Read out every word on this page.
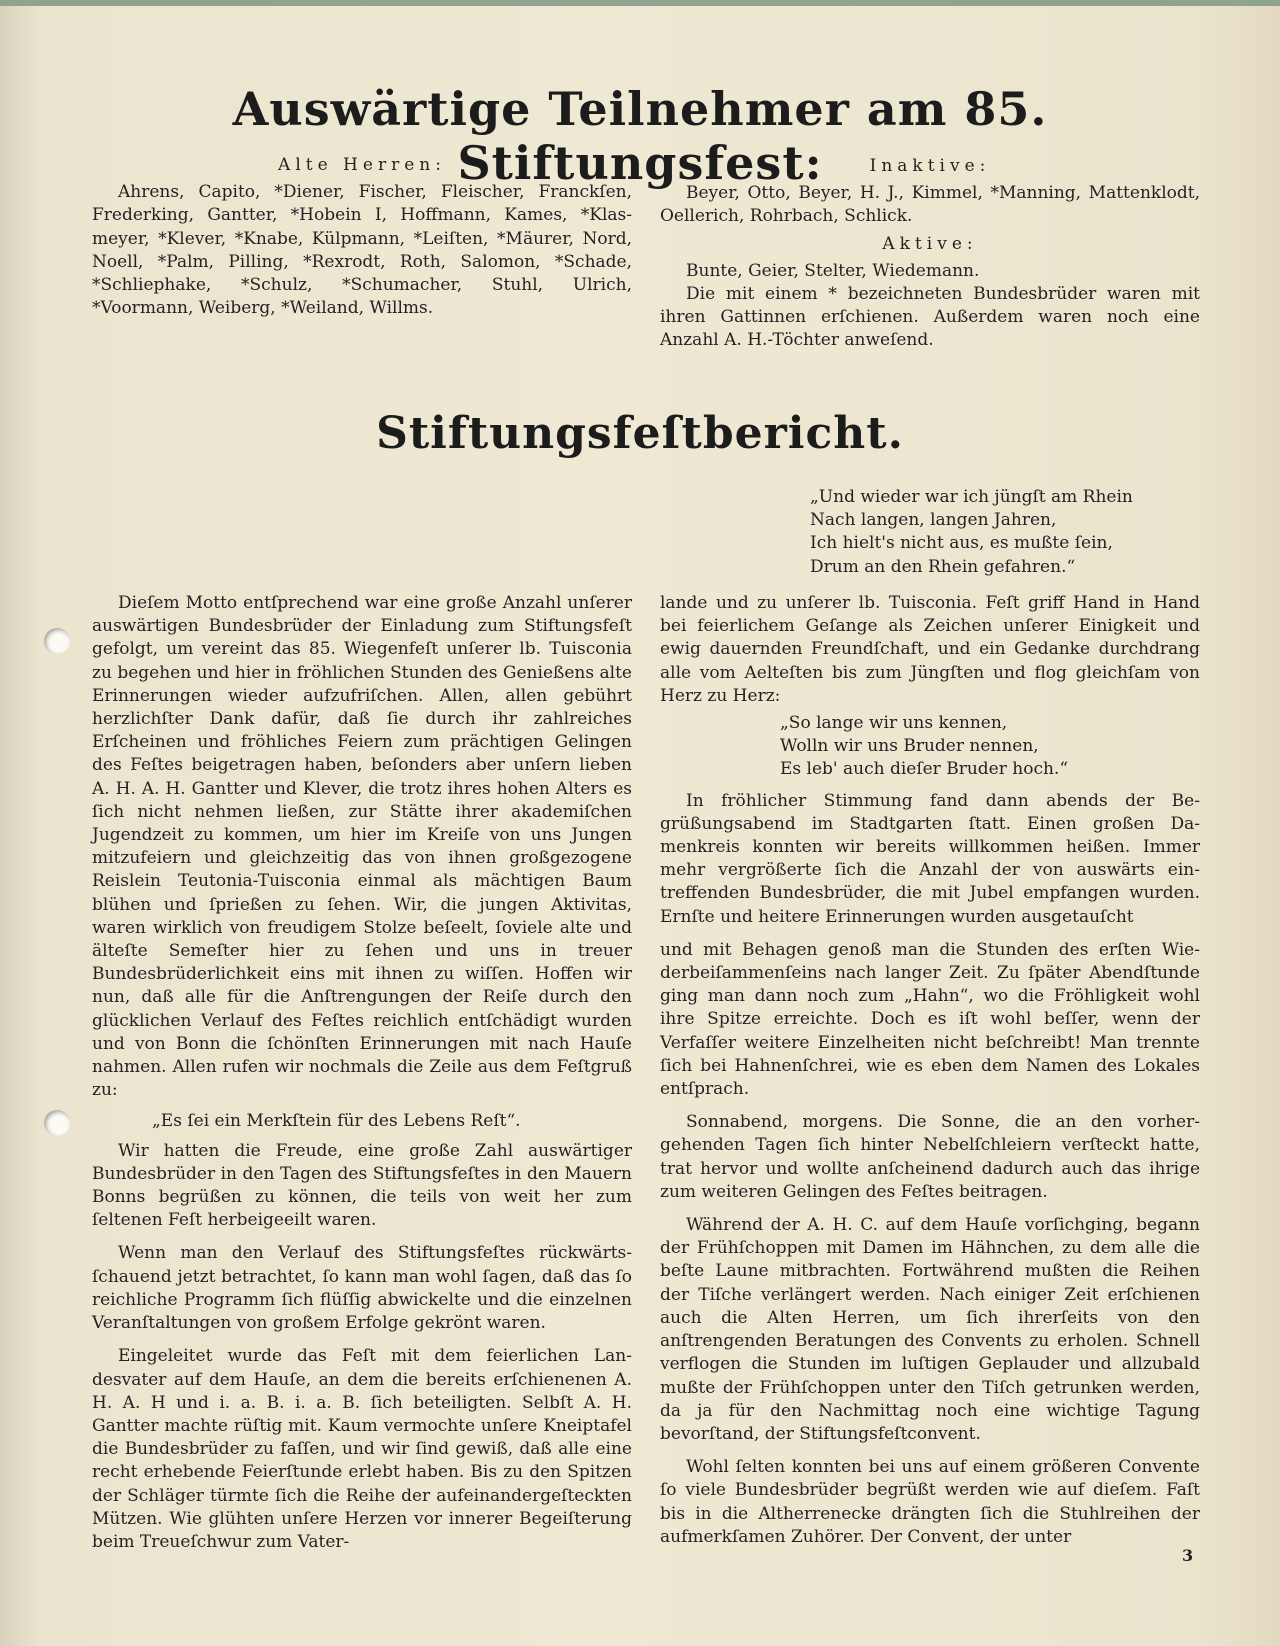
Auswärtige Teilnehmer am 85. Stiftungsfest:
Alte Herren:

Ahrens, Capito, *Diener, Fischer, Fleischer, Franckſen, Frederking, Gantter, *Hobein I, Hoffmann, Kames, *Klasmeyer, *Klever, *Knabe, Külpmann, *Leiſten, *Mäurer, Nord, Noell, *Palm, Pilling, *Rexrodt, Roth, Salomon, *Schade, *Schliephake, *Schulz, *Schumacher, Stuhl, Ulrich, *Voormann, Weiberg, *Weiland, Willms.

Inaktive:

Beyer, Otto, Beyer, H. J., Kimmel, *Manning, Mattenklodt, Oellerich, Rohrbach, Schlick.

Aktive:

Bunte, Geier, Stelter, Wiedemann.

Die mit einem * bezeichneten Bundesbrüder waren mit ihren Gattinnen erſchienen. Außerdem waren noch eine Anzahl A. H.-Töchter anweſend.

Stiftungsfeſtbericht.
„Und wieder war ich jüngſt am Rhein
Nach langen, langen Jahren,
Ich hielt's nicht aus, es mußte ſein,
Drum an den Rhein gefahren.“

Dieſem Motto entſprechend war eine große Anzahl unſerer auswärtigen Bundesbrüder der Einladung zum Stiftungsfeſt gefolgt, um vereint das 85. Wiegenfeſt unſerer lb. Tuisconia zu begehen und hier in fröhlichen Stunden des Genießens alte Erinnerungen wieder aufzufriſchen. Allen, allen gebührt herzlichſter Dank dafür, daß ſie durch ihr zahlreiches Erſcheinen und fröhliches Feiern zum prächtigen Gelingen des Feſtes beigetragen haben, beſonders aber unſern lieben A. H. A. H. Gantter und Klever, die trotz ihres hohen Alters es ſich nicht nehmen ließen, zur Stätte ihrer akademiſchen Jugendzeit zu kommen, um hier im Kreiſe von uns Jungen mitzufeiern und gleichzeitig das von ihnen großgezogene Reislein Teutonia-Tuisconia einmal als mächtigen Baum blühen und ſprießen zu ſehen. Wir, die jungen Aktivitas, waren wirklich von freudigem Stolze beſeelt, ſoviele alte und älteſte Semeſter hier zu ſehen und uns in treuer Bundesbrüderlichkeit eins mit ihnen zu wiſſen. Hoffen wir nun, daß alle für die Anſtrengungen der Reiſe durch den glücklichen Verlauf des Feſtes reichlich entſchädigt wurden und von Bonn die ſchönſten Erinnerungen mit nach Hauſe nahmen. Allen rufen wir nochmals die Zeile aus dem Feſtgruß zu:

„Es ſei ein Merkſtein für des Lebens Reſt“.

Wir hatten die Freude, eine große Zahl auswärtiger Bundesbrüder in den Tagen des Stiftungsfeſtes in den Mauern Bonns begrüßen zu können, die teils von weit her zum ſeltenen Feſt herbeigeeilt waren.

Wenn man den Verlauf des Stiftungsfeſtes rückwärtsſchauend jetzt betrachtet, ſo kann man wohl ſagen, daß das ſo reichliche Programm ſich flüſſig abwickelte und die einzelnen Veranſtaltungen von großem Erfolge gekrönt waren.

Eingeleitet wurde das Feſt mit dem feierlichen Landesvater auf dem Hauſe, an dem die bereits erſchienenen A. H. A. H und i. a. B. i. a. B. ſich beteiligten. Selbſt A. H. Gantter machte rüſtig mit. Kaum vermochte unſere Kneiptafel die Bundesbrüder zu faſſen, und wir ſind gewiß, daß alle eine recht erhebende Feierſtunde erlebt haben. Bis zu den Spitzen der Schläger türmte ſich die Reihe der aufeinandergeſteckten Mützen. Wie glühten unſere Herzen vor innerer Begeiſterung beim Treueſchwur zum Vater-

lande und zu unſerer lb. Tuisconia. Feſt griff Hand in Hand bei feierlichem Geſange als Zeichen unſerer Einigkeit und ewig dauernden Freundſchaft, und ein Gedanke durchdrang alle vom Aelteſten bis zum Jüngſten und flog gleichſam von Herz zu Herz:

„So lange wir uns kennen,
Wolln wir uns Bruder nennen,
Es leb' auch dieſer Bruder hoch.“

In fröhlicher Stimmung fand dann abends der Begrüßungsabend im Stadtgarten ſtatt. Einen großen Damenkreis konnten wir bereits willkommen heißen. Immer mehr vergrößerte ſich die Anzahl der von auswärts eintreffenden Bundesbrüder, die mit Jubel empfangen wurden. Ernſte und heitere Erinnerungen wurden ausgetauſcht

und mit Behagen genoß man die Stunden des erſten Wiederbeiſammenſeins nach langer Zeit. Zu ſpäter Abendſtunde ging man dann noch zum „Hahn“, wo die Fröhligkeit wohl ihre Spitze erreichte. Doch es iſt wohl beſſer, wenn der Verfaſſer weitere Einzelheiten nicht beſchreibt! Man trennte ſich bei Hahnenſchrei, wie es eben dem Namen des Lokales entſprach.

Sonnabend, morgens. Die Sonne, die an den vorhergehenden Tagen ſich hinter Nebelſchleiern verſteckt hatte, trat hervor und wollte anſcheinend dadurch auch das ihrige zum weiteren Gelingen des Feſtes beitragen.

Während der A. H. C. auf dem Hauſe vorſichging, begann der Frühſchoppen mit Damen im Hähnchen, zu dem alle die beſte Laune mitbrachten. Fortwährend mußten die Reihen der Tiſche verlängert werden. Nach einiger Zeit erſchienen auch die Alten Herren, um ſich ihrerſeits von den anſtrengenden Beratungen des Convents zu erholen. Schnell verflogen die Stunden im luſtigen Geplauder und allzubald mußte der Frühſchoppen unter den Tiſch getrunken werden, da ja für den Nachmittag noch eine wichtige Tagung bevorſtand, der Stiftungsfeſtconvent.

Wohl ſelten konnten bei uns auf einem größeren Convente ſo viele Bundesbrüder begrüßt werden wie auf dieſem. Faſt bis in die Altherrenecke drängten ſich die Stuhlreihen der aufmerkſamen Zuhörer. Der Convent, der unter

3
